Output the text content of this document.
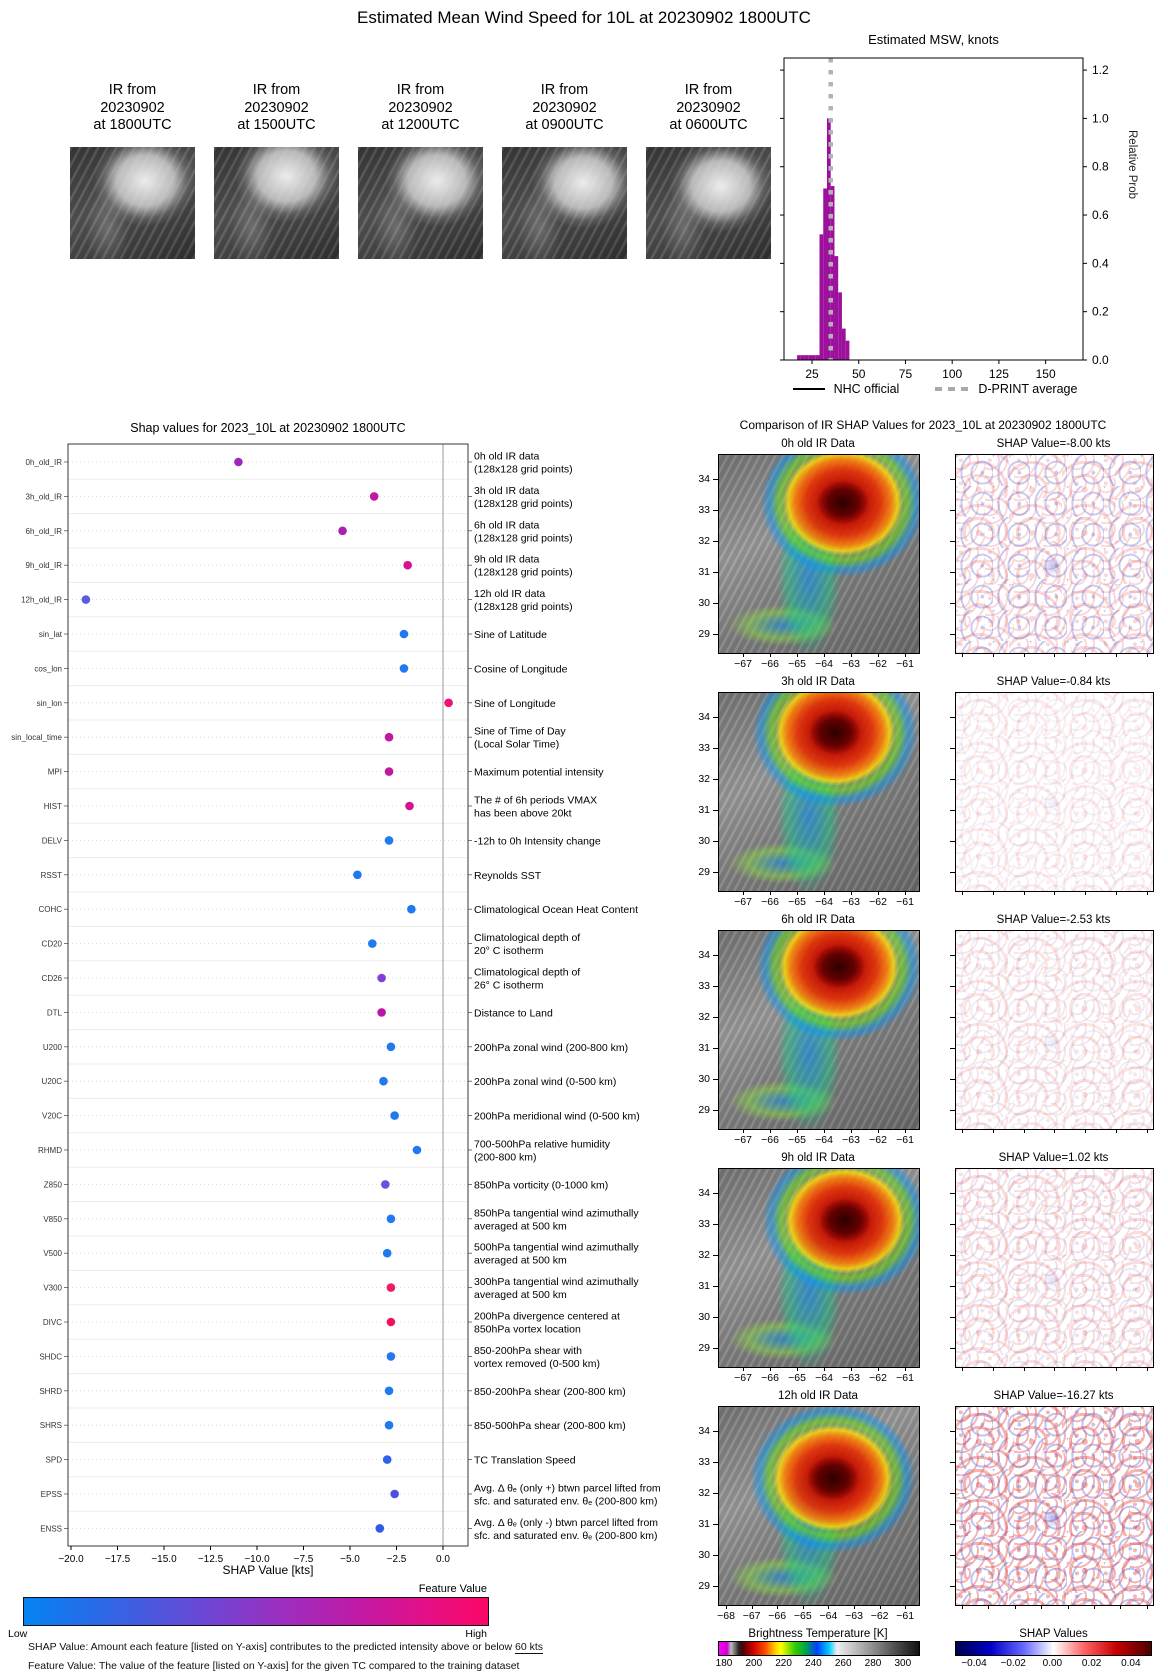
Estimated Mean Wind Speed for 10L at 20230902 1800UTC
IR from
20230902
at 1800UTC
IR from
20230902
at 1500UTC
IR from
20230902
at 1200UTC
IR from
20230902
at 0900UTC
IR from
20230902
at 0600UTC
Estimated MSW, knots
Relative Prob
25	50	75	100 125 150
0.0
0.2
0.4
0.6
0.8
1.0
1.2
NHC official	D-PRINT average
Shap values for 2023_10L at 20230902 1800UTC
0h_old_IR	0h old IR data
(128x128 grid points)
3h_old_IR	3h old IR data
(128x128 grid points)
6h_old_IR	6h old IR data
(128x128 grid points)
9h_old_IR	9h old IR data
(128x128 grid points)
12h_old_IR	12h old IR data
(128x128 grid points)
sin_lat	Sine of Latitude
cos_lon	Cosine of Longitude
sin_lon	Sine of Longitude
sin_local_time	Sine of Time of Day
(Local Solar Time)
MPI	Maximum potential intensity
HIST	The # of 6h periods VMAX
has been above 20kt
DELV	-12h to 0h Intensity change
RSST	Reynolds SST
COHC	Climatological Ocean Heat Content
CD20	Climatological depth of
20° C isotherm
CD26	Climatological depth of
26° C isotherm
DTL	Distance to Land
U200	200hPa zonal wind (200-800 km)
U20C	200hPa zonal wind (0-500 km)
V20C	200hPa meridional wind (0-500 km)
RHMD	700-500hPa relative humidity
(200-800 km)
Z850	850hPa vorticity (0-1000 km)
V850	850hPa tangential wind azimuthally
averaged at 500 km
V500	500hPa tangential wind azimuthally
averaged at 500 km
V300	300hPa tangential wind azimuthally
averaged at 500 km
DIVC	200hPa divergence centered at
850hPa vortex location
SHDC	850-200hPa shear with
vortex removed (0-500 km)
SHRD	850-200hPa shear (200-800 km)
SHRS	850-500hPa shear (200-800 km)
SPD	TC Translation Speed
EPSS	Avg. Δ θₑ (only +) btwn parcel lifted from
sfc. and saturated env. θₑ (200-800 km)
ENSS	Avg. Δ θₑ (only -) btwn parcel lifted from
sfc. and saturated env. θₑ (200-800 km)
−20.0 −17.5 −15.0 −12.5 −10.0 −7.5	−5.0	−2.5	0.0
SHAP Value [kts]
Feature Value
Low	High
SHAP Value: Amount each feature [listed on Y-axis] contributes to the predicted intensity above or below 60 kts
Feature Value: The value of the feature [listed on Y-axis] for the given TC compared to the training dataset
Comparison of IR SHAP Values for 2023_10L at 20230902 1800UTC
0h old IR Data	SHAP Value=-8.00 kts
34
33
32
31
30
29
−67 −66 −65 −64 −63 −62 −61
3h old IR Data	SHAP Value=-0.84 kts
34
33
32
31
30
29
−67 −66 −65 −64 −63 −62 −61
6h old IR Data	SHAP Value=-2.53 kts
34
33
32
31
30
29
−67 −66 −65 −64 −63 −62 −61
9h old IR Data	SHAP Value=1.02 kts
34
33
32
31
30
29
−67 −66 −65 −64 −63 −62 −61
12h old IR Data	SHAP Value=-16.27 kts
34
33
32
31
30
29
−68 −67 −66 −65 −64 −63 −62 −61
Brightness Temperature [K]
180	200	220	240	260	280	300
SHAP Values
−0.04	−0.02	0.00	0.02	0.04
